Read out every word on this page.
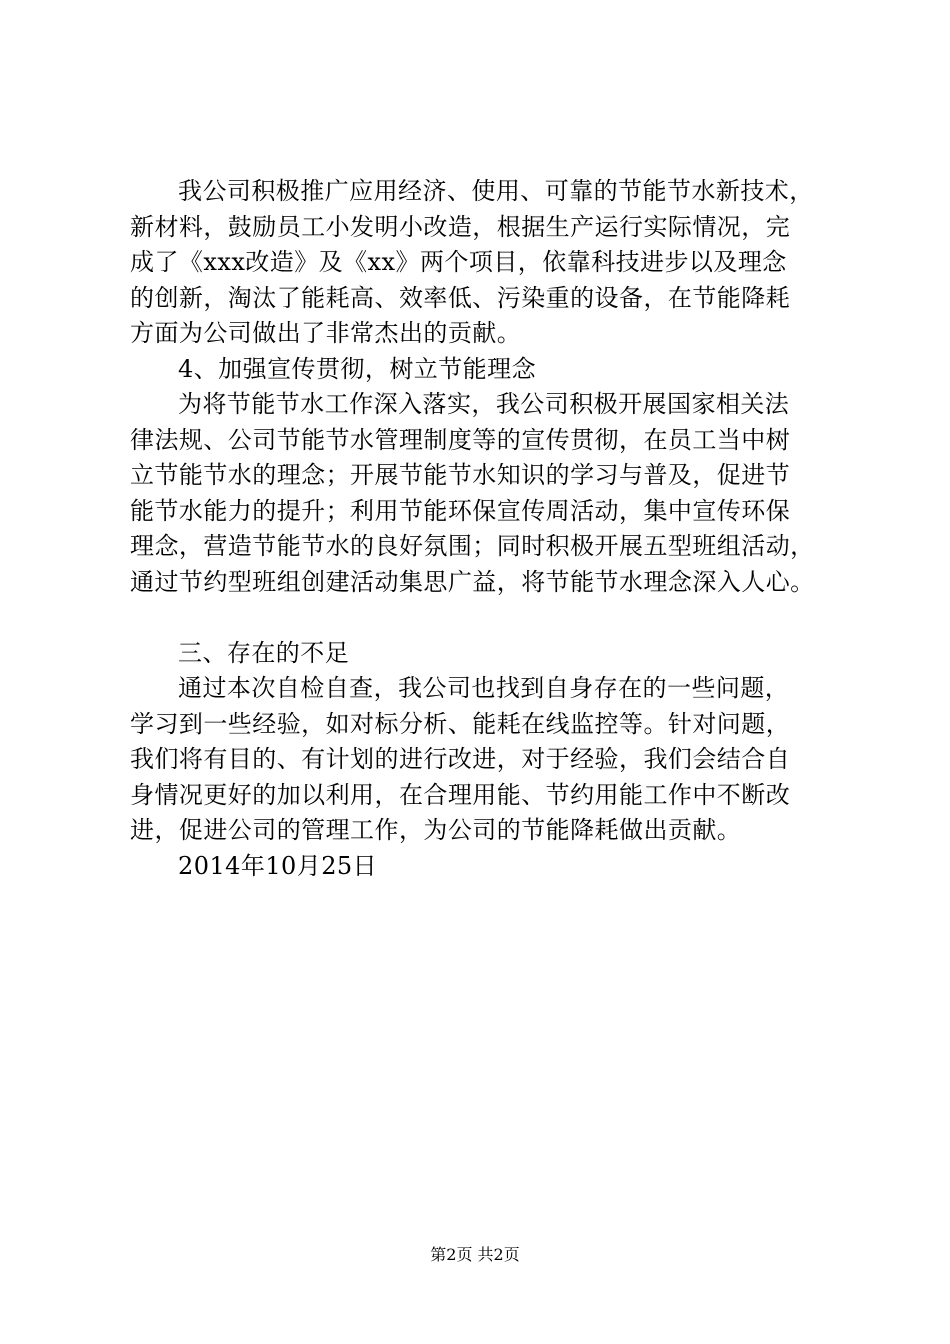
我公司积极推广应用经济、使用、可靠的节能节水新技术，
新材料，鼓励员工小发明小改造，根据生产运行实际情况，完
成了《xxx改造》及《xx》两个项目，依靠科技进步以及理念
的创新，淘汰了能耗高、效率低、污染重的设备，在节能降耗
方面为公司做出了非常杰出的贡献。
4、加强宣传贯彻，树立节能理念
为将节能节水工作深入落实，我公司积极开展国家相关法
律法规、公司节能节水管理制度等的宣传贯彻，在员工当中树
立节能节水的理念；开展节能节水知识的学习与普及，促进节
能节水能力的提升；利用节能环保宣传周活动，集中宣传环保
理念，营造节能节水的良好氛围；同时积极开展五型班组活动，
通过节约型班组创建活动集思广益，将节能节水理念深入人心。
三、存在的不足
通过本次自检自查，我公司也找到自身存在的一些问题，
学习到一些经验，如对标分析、能耗在线监控等。针对问题，
我们将有目的、有计划的进行改进，对于经验，我们会结合自
身情况更好的加以利用，在合理用能、节约用能工作中不断改
进，促进公司的管理工作，为公司的节能降耗做出贡献。
2014年10月25日
第2页 共2页
